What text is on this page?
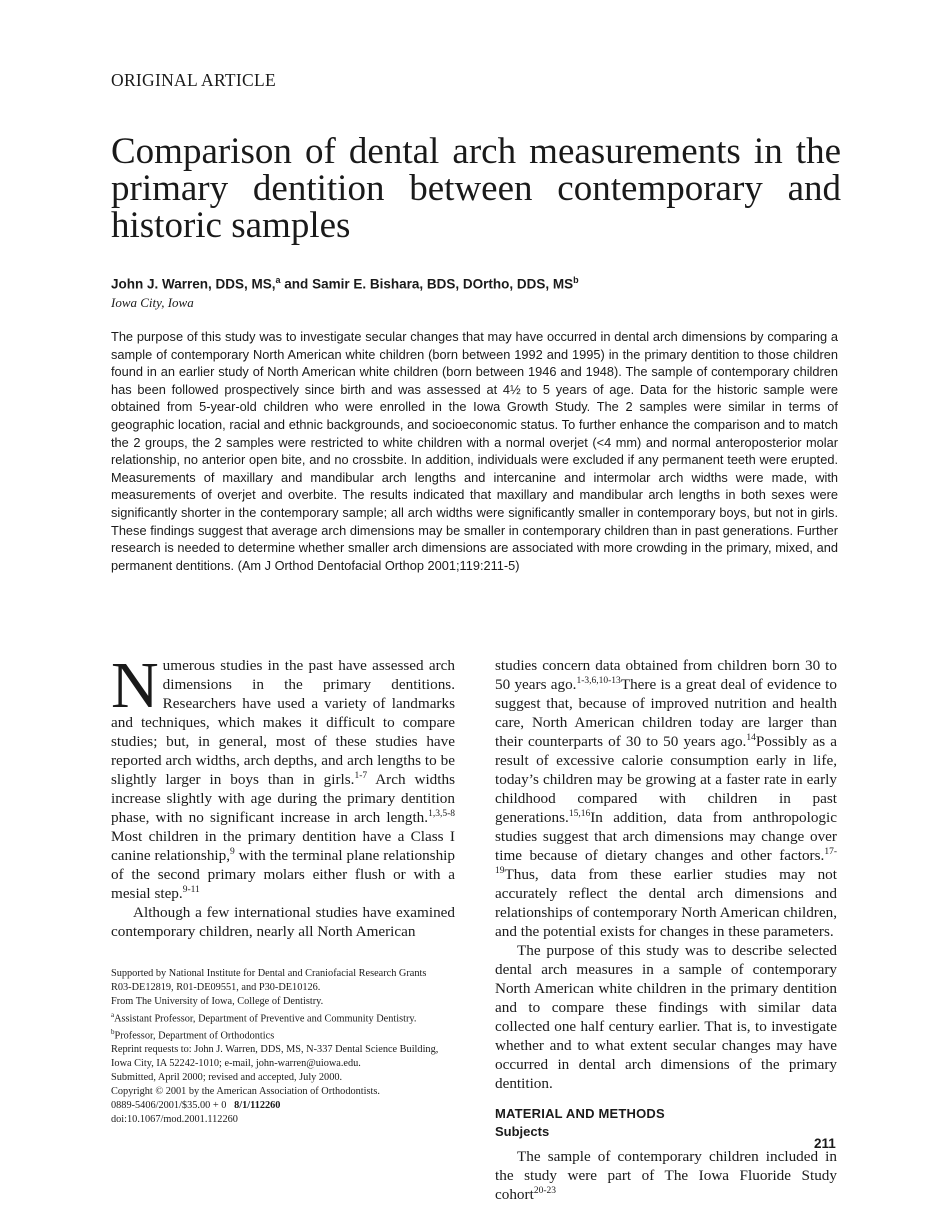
ORIGINAL ARTICLE
Comparison of dental arch measurements in the primary dentition between contemporary and historic samples
John J. Warren, DDS, MS,$^a$ and Samir E. Bishara, BDS, DOrtho, DDS, $MS^b$
Iowa City, Iowa

The purpose of this study was to investigate secular changes that may have occurred in dental arch dimensions by comparing a sample of contemporary North American white children (born between 1992 and 1995) in the primary dentition to those children found in an earlier study of North American white children (born between 1946 and 1948). The sample of contemporary children has been followed prospectively since birth and was assessed at 4½ to 5 years of age. Data for the historic sample were obtained from 5-year-old children who were enrolled in the Iowa Growth Study. The 2 samples were similar in terms of geographic location, racial and ethnic backgrounds, and socioeconomic status. To further enhance the comparison and to match the 2 groups, the 2 samples were restricted to white children with a normal overjet (<4 mm) and normal anteroposterior molar relationship, no anterior open bite, and no crossbite. In addition, individuals were excluded if any permanent teeth were erupted. Measurements of maxillary and mandibular arch lengths and intercanine and intermolar arch widths were made, with measurements of overjet and overbite. The results indicated that maxillary and mandibular arch lengths in both sexes were significantly shorter in the contemporary sample; all arch widths were significantly smaller in contemporary boys, but not in girls. These findings suggest that average arch dimensions may be smaller in contemporary children than in past generations. Further research is needed to determine whether smaller arch dimensions are associated with more crowding in the primary, mixed, and permanent dentitions. (Am J Orthod Dentofacial Orthop 2001;119:211-5)

Numerous studies in the past have assessed arch dimensions in the primary dentitions. Researchers have used a variety of landmarks and techniques, which makes it difficult to compare studies; but, in general, most of these studies have reported arch widths, arch depths, and arch lengths to be slightly larger in boys than in girls.$^{1-7}$ Arch widths increase slightly with age during the primary dentition phase, with no significant increase in arch length.$^{1,3,5-8}$ Most children in the primary dentition have a Class I canine relationship,$^9$ with the terminal plane relationship of the second primary molars either flush or with a mesial step.$^{9-11}$

Although a few international studies have examined contemporary children, nearly all North American

Supported by National Institute for Dental and Craniofacial Research Grants
R03-DE12819, R01-DE09551, and P30-DE10126.
From The University of Iowa, College of Dentistry.
$^a$Assistant Professor, Department of Preventive and Community Dentistry.
$^b$Professor, Department of Orthodontics
Reprint requests to: John J. Warren, DDS, MS, N-337 Dental Science Building,
Iowa City, IA 52242-1010; e-mail, john-warren@uiowa.edu.
Submitted, April 2000; revised and accepted, July 2000.
Copyright © 2001 by the American Association of Orthodontists.
0889-5406/2001/$35.00 + 0 8/1/112260
doi:10.1067/mod.2001.112260

studies concern data obtained from children born 30 to 50 years ago.$^{1-3,6,10-13}$There is a great deal of evidence to suggest that, because of improved nutrition and health care, North American children today are larger than their counterparts of 30 to 50 years ago.$^{14}$Possibly as a result of excessive calorie consumption early in life, today’s children may be growing at a faster rate in early childhood compared with children in past generations.$^{15,16}$In addition, data from anthropologic studies suggest that arch dimensions may change over time because of dietary changes and other factors.$^{17-19}$Thus, data from these earlier studies may not accurately reflect the dental arch dimensions and relationships of contemporary North American children, and the potential exists for changes in these parameters.

The purpose of this study was to describe selected dental arch measures in a sample of contemporary North American white children in the primary dentition and to compare these findings with similar data collected one half century earlier. That is, to investigate whether and to what extent secular changes may have occurred in dental arch dimensions of the primary dentition.

MATERIAL AND METHODS
Subjects

The sample of contemporary children included in the study were part of The Iowa Fluoride Study cohort$^{20-23}$

211
